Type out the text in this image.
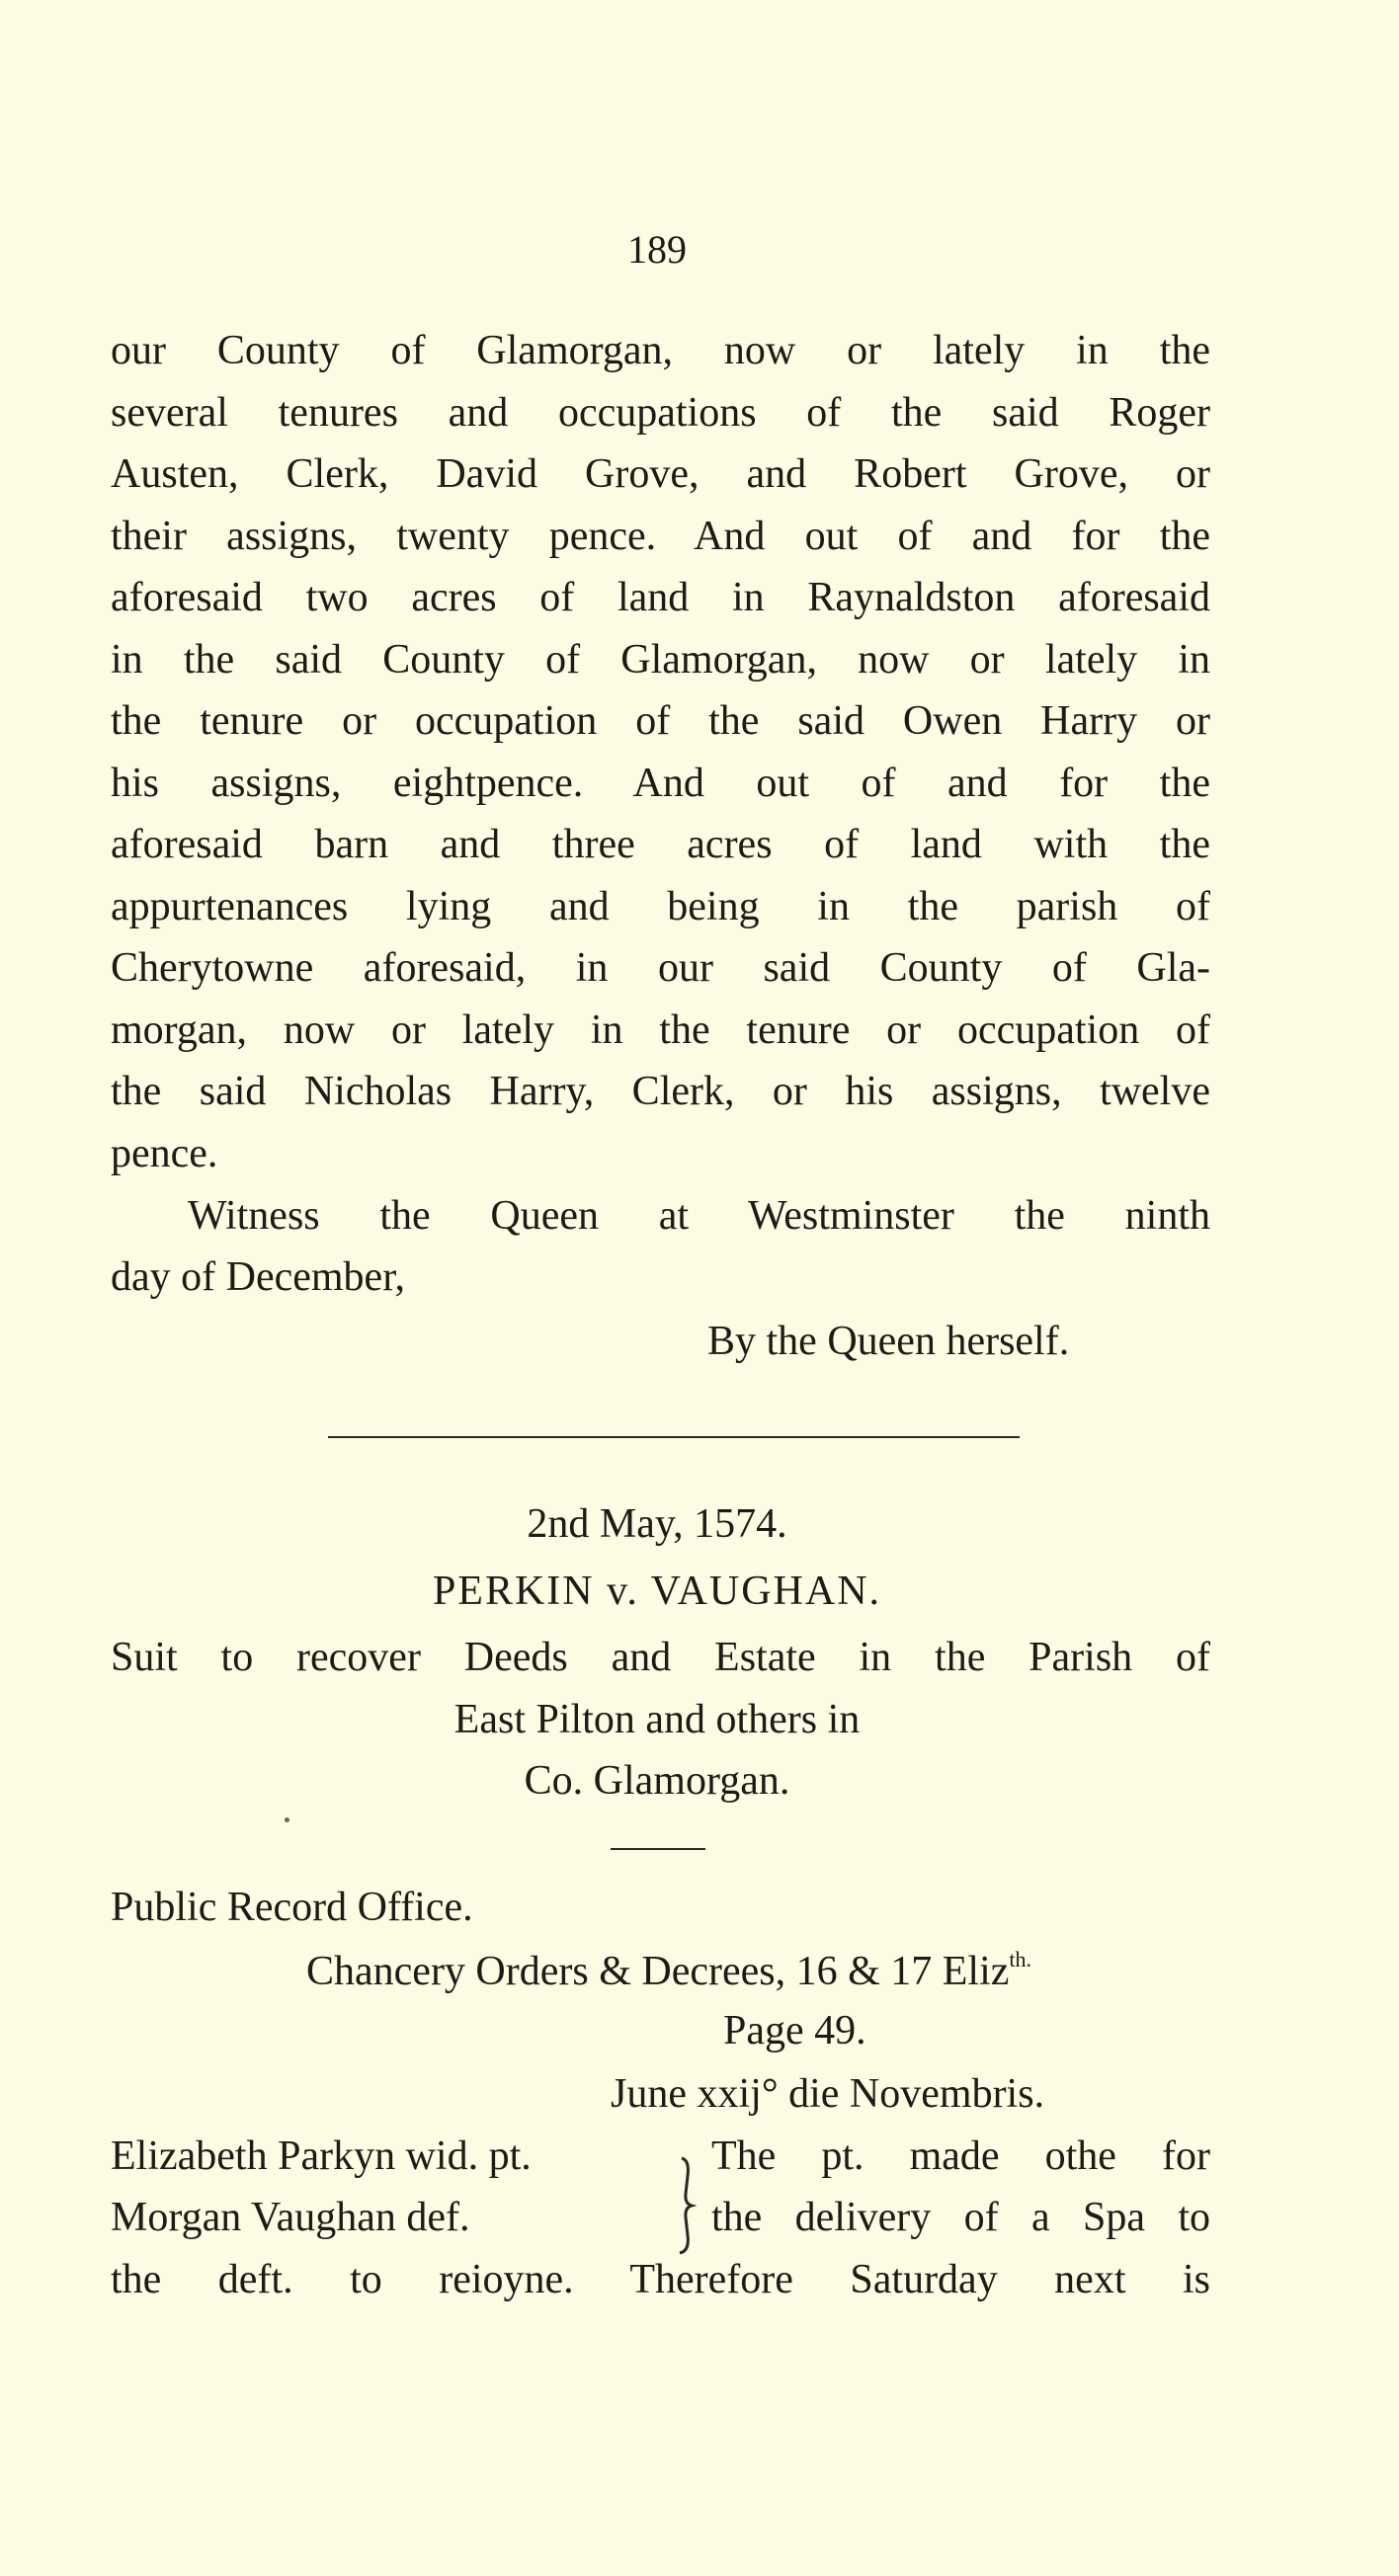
189
our County of Glamorgan, now or lately in the
several tenures and occupations of the said Roger
Austen, Clerk, David Grove, and Robert Grove, or
their assigns, twenty pence. And out of and for the
aforesaid two acres of land in Raynaldston aforesaid
in the said County of Glamorgan, now or lately in
the tenure or occupation of the said Owen Harry or
his assigns, eightpence. And out of and for the
aforesaid barn and three acres of land with the
appurtenances lying and being in the parish of
Cherytowne aforesaid, in our said County of Gla-
morgan, now or lately in the tenure or occupation of
the said Nicholas Harry, Clerk, or his assigns, twelve
pence.
Witness the Queen at Westminster the ninth
day of December,
By the Queen herself.
2nd May, 1574.
PERKIN v. VAUGHAN.
Suit to recover Deeds and Estate in the Parish of
East Pilton and others in
Co. Glamorgan.
Public Record Office.
Chancery Orders & Decrees, 16 & 17 Eliz$^{th.}$
Page 49.
June xxij° die Novembris.
Elizabeth Parkyn wid. pt.
Morgan Vaughan def.
The pt. made othe for
the delivery of a Spa to
the deft. to reioyne. Therefore Saturday next is
